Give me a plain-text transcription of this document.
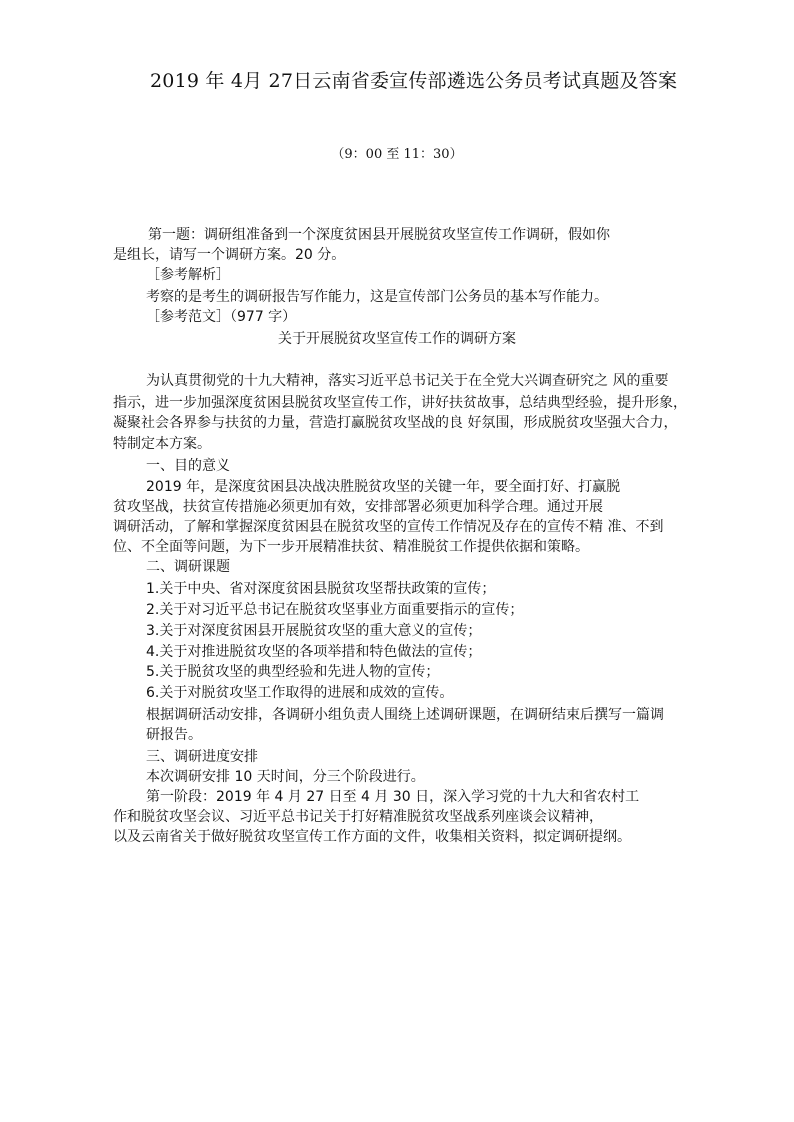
2019 年 4月 27日云南省委宣传部遴选公务员考试真题及答案
（9：00 至 11：30）
第一题：调研组准备到一个深度贫困县开展脱贫攻坚宣传工作调研，假如你
是组长，请写一个调研方案。20 分。
［参考解析］
考察的是考生的调研报告写作能力，这是宣传部门公务员的基本写作能力。
［参考范文］（977 字）
关于开展脱贫攻坚宣传工作的调研方案
为认真贯彻党的十九大精神，落实习近平总书记关于在全党大兴调查研究之 风的重要
指示，进一步加强深度贫困县脱贫攻坚宣传工作，讲好扶贫故事，总结典型经验，提升形象，
凝聚社会各界参与扶贫的力量，营造打赢脱贫攻坚战的良 好氛围，形成脱贫攻坚强大合力，
特制定本方案。
一、目的意义
2019 年，是深度贫困县决战决胜脱贫攻坚的关键一年，要全面打好、打赢脱
贫攻坚战，扶贫宣传措施必须更加有效，安排部署必须更加科学合理。通过开展
调研活动，了解和掌握深度贫困县在脱贫攻坚的宣传工作情况及存在的宣传不精 准、不到
位、不全面等问题，为下一步开展精准扶贫、精准脱贫工作提供依据和策略。
二、调研课题
1.关于中央、省对深度贫困县脱贫攻坚帮扶政策的宣传；
2.关于对习近平总书记在脱贫攻坚事业方面重要指示的宣传；
3.关于对深度贫困县开展脱贫攻坚的重大意义的宣传；
4.关于对推进脱贫攻坚的各项举措和特色做法的宣传；
5.关于脱贫攻坚的典型经验和先进人物的宣传；
6.关于对脱贫攻坚工作取得的进展和成效的宣传。
根据调研活动安排，各调研小组负责人围绕上述调研课题，在调研结束后撰写一篇调
研报告。
三、调研进度安排
本次调研安排 10 天时间，分三个阶段进行。
第一阶段：2019 年 4 月 27 日至 4 月 30 日，深入学习党的十九大和省农村工
作和脱贫攻坚会议、习近平总书记关于打好精准脱贫攻坚战系列座谈会议精神，
以及云南省关于做好脱贫攻坚宣传工作方面的文件，收集相关资料，拟定调研提纲。
